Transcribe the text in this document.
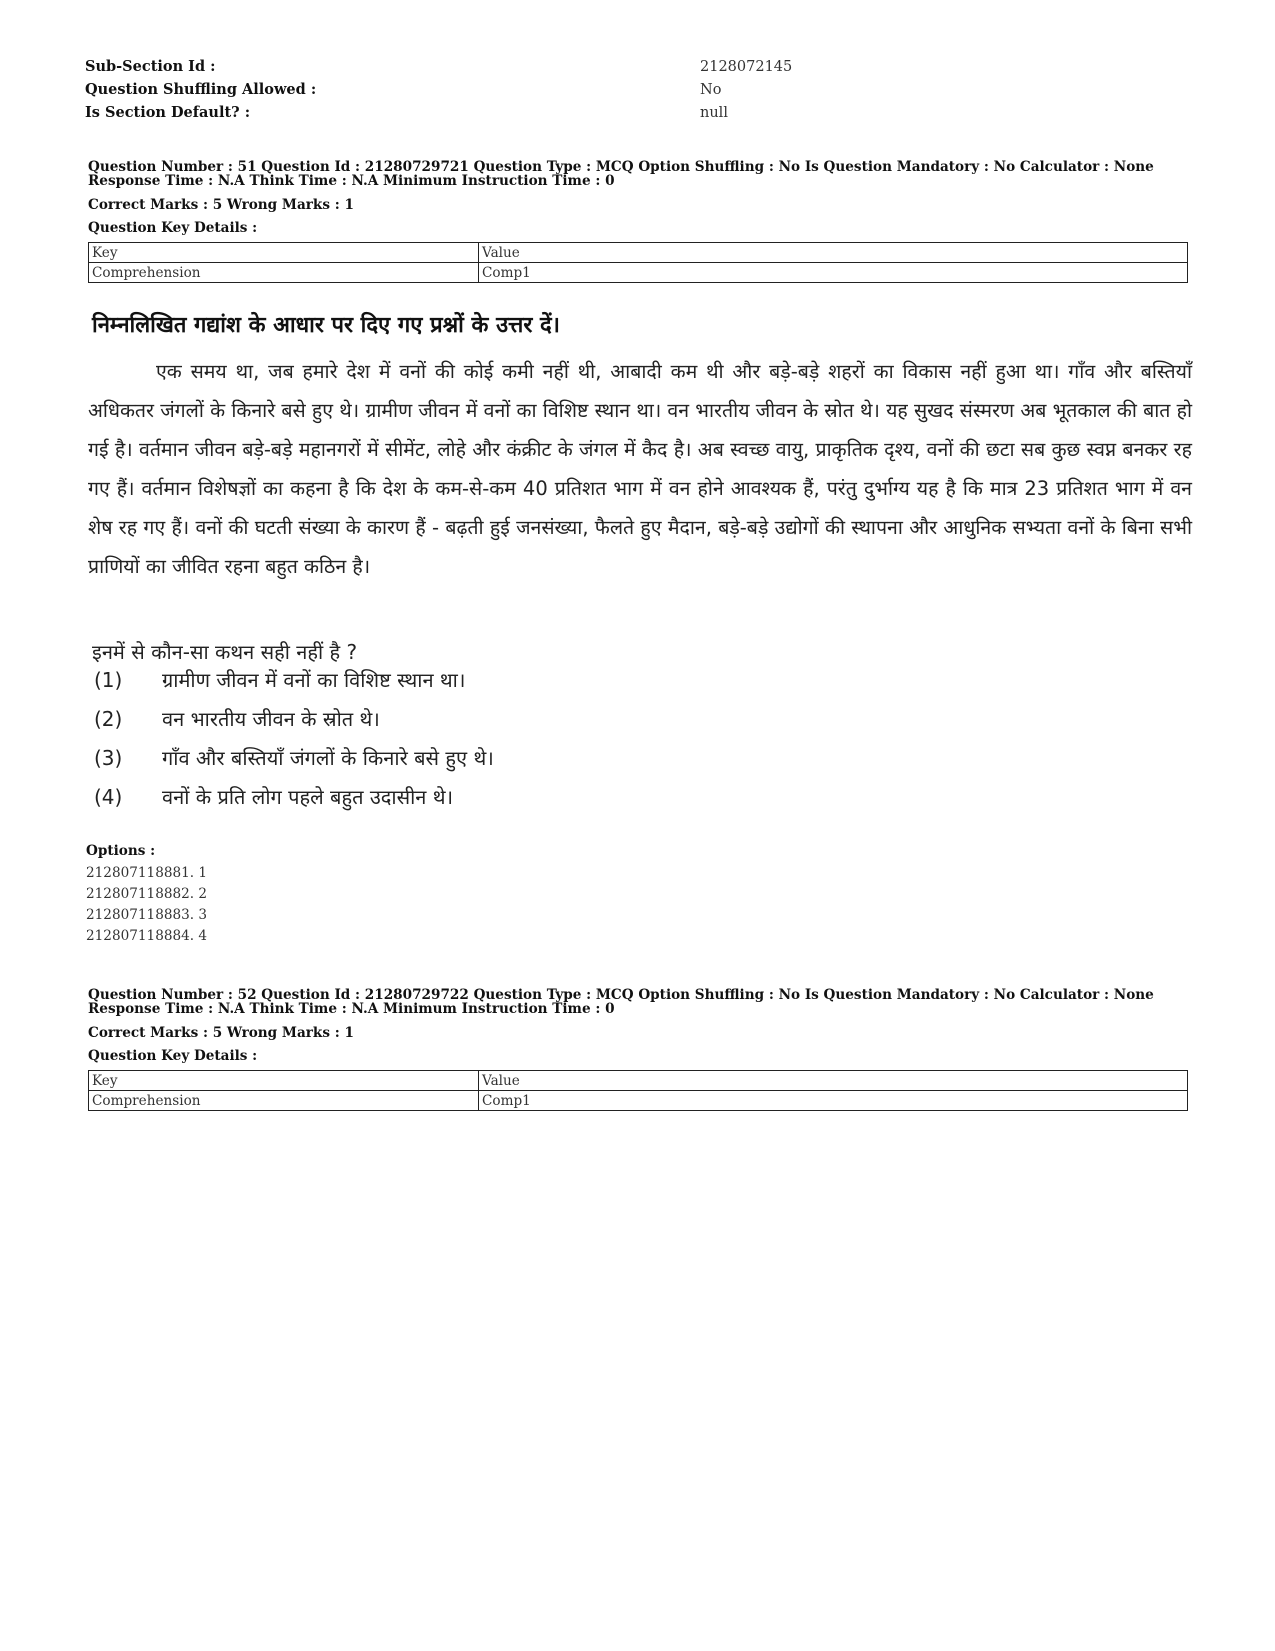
Sub-Section Id :	2128072145
Question Shuffling Allowed :	No
Is Section Default? :	null
Question Number : 51 Question Id : 21280729721 Question Type : MCQ Option Shuffling : No Is Question Mandatory : No Calculator : None
Response Time : N.A Think Time : N.A Minimum Instruction Time : 0
Correct Marks : 5 Wrong Marks : 1
Question Key Details :
Key	Value
Comprehension	Comp1
निम्नलिखित गद्यांश के आधार पर दिए गए प्रश्नों के उत्तर दें।
एक समय था, जब हमारे देश में वनों की कोई कमी नहीं थी, आबादी कम थी और बड़े-बड़े शहरों का विकास नहीं हुआ था। गाँव और बस्तियाँ अधिकतर जंगलों के किनारे बसे हुए थे। ग्रामीण जीवन में वनों का विशिष्ट स्थान था। वन भारतीय जीवन के स्रोत थे। यह सुखद संस्मरण अब भूतकाल की बात हो गई है। वर्तमान जीवन बड़े-बड़े महानगरों में सीमेंट, लोहे और कंक्रीट के जंगल में कैद है। अब स्वच्छ वायु, प्राकृतिक दृश्य, वनों की छटा सब कुछ स्वप्न बनकर रह गए हैं। वर्तमान विशेषज्ञों का कहना है कि देश के कम-से-कम 40 प्रतिशत भाग में वन होने आवश्यक हैं, परंतु दुर्भाग्य यह है कि मात्र 23 प्रतिशत भाग में वन शेष रह गए हैं। वनों की घटती संख्या के कारण हैं - बढ़ती हुई जनसंख्या, फैलते हुए मैदान, बड़े-बड़े उद्योगों की स्थापना और आधुनिक सभ्यता वनों के बिना सभी प्राणियों का जीवित रहना बहुत कठिन है।
इनमें से कौन-सा कथन सही नहीं है ?
(1) ग्रामीण जीवन में वनों का विशिष्ट स्थान था।
(2) वन भारतीय जीवन के स्रोत थे।
(3) गाँव और बस्तियाँ जंगलों के किनारे बसे हुए थे।
(4) वनों के प्रति लोग पहले बहुत उदासीन थे।
Options :
212807118881. 1
212807118882. 2
212807118883. 3
212807118884. 4
Question Number : 52 Question Id : 21280729722 Question Type : MCQ Option Shuffling : No Is Question Mandatory : No Calculator : None
Response Time : N.A Think Time : N.A Minimum Instruction Time : 0
Correct Marks : 5 Wrong Marks : 1
Question Key Details :
Key	Value
Comprehension	Comp1
